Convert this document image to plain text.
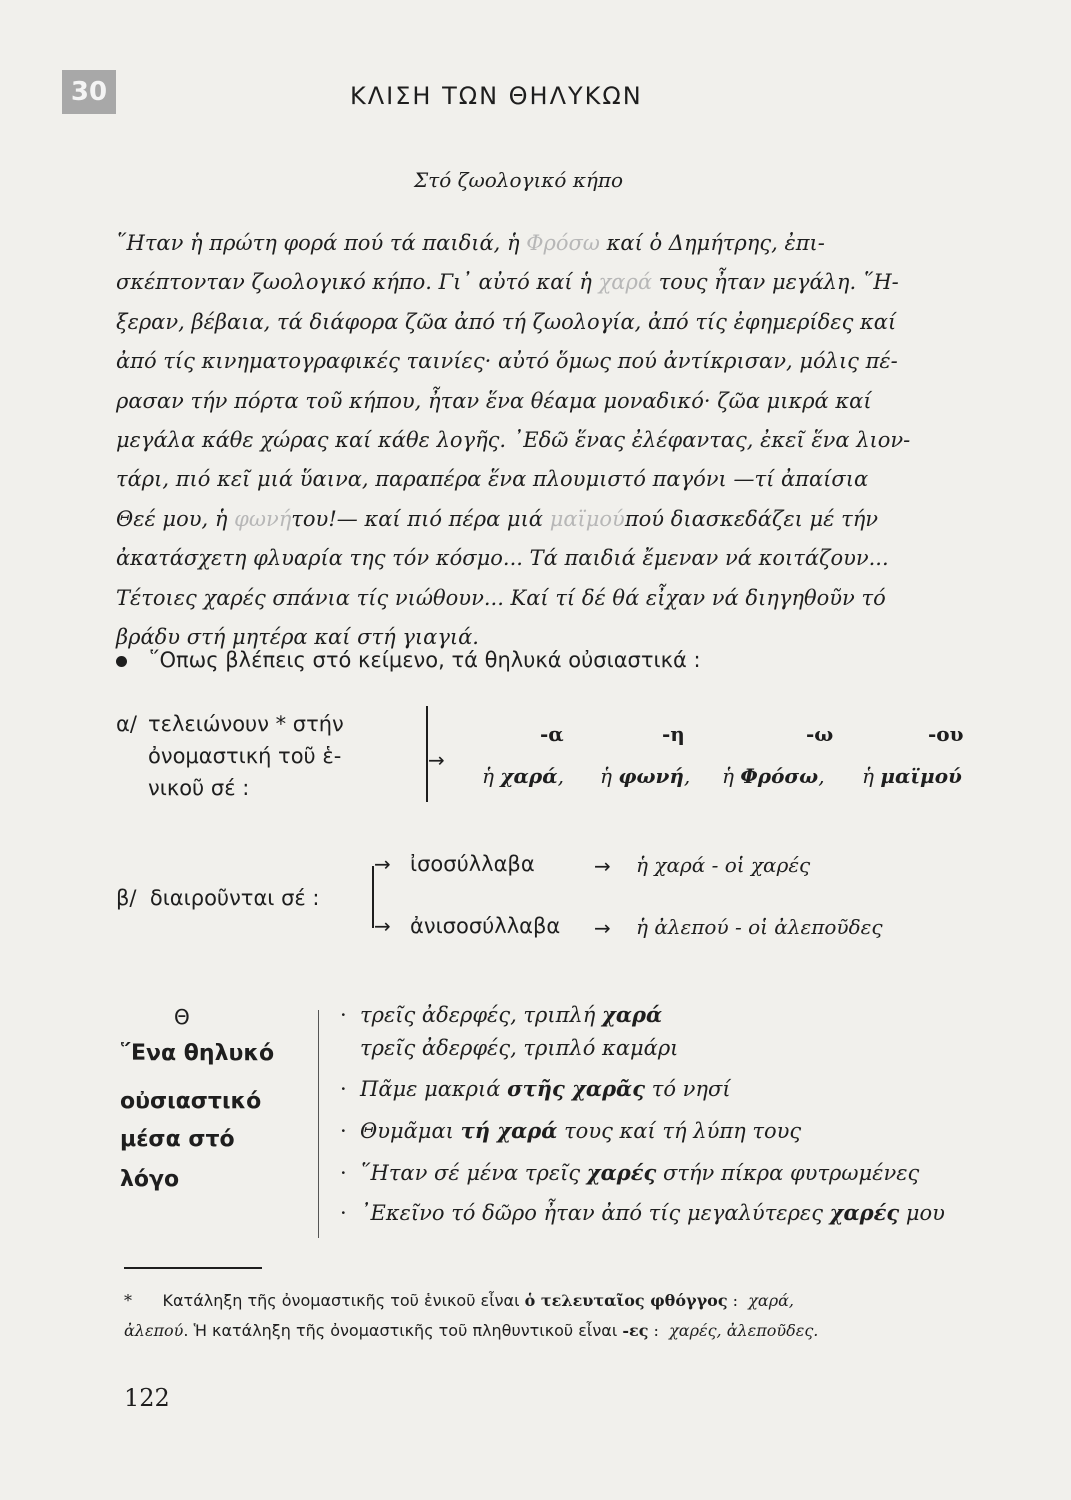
30	ΚΛΙΣΗ ΤΩΝ ΘΗΛΥΚΩΝ
Στό ζωολογικό κήπο
῞Ηταν ἡ πρώτη φορά πού τά παιδιά, ἡ Φρόσω καί ὁ Δημήτρης, ἐπι-
σκέπτονταν ζωολογικό κήπο. Γι᾿ αὐτό καί ἡ χαρά τους ἦταν μεγάλη. ῞Η-
ξεραν, βέβαια, τά διάφορα ζῶα ἀπό τή ζωολογία, ἀπό τίς ἐφημερίδες καί
ἀπό τίς κινηματογραφικές ταινίες· αὐτό ὅμως πού ἀντίκρισαν, μόλις πέ-
ρασαν τήν πόρτα τοῦ κήπου, ἦταν ἕνα θέαμα μοναδικό· ζῶα μικρά καί
μεγάλα κάθε χώρας καί κάθε λογῆς. ᾿Εδῶ ἕνας ἐλέφαντας, ἐκεῖ ἕνα λιον-
τάρι, πιό κεῖ μιά ὕαινα, παραπέρα ἕνα πλουμιστό παγόνι —τί ἀπαίσια
Θεέ μου, ἡ φωνήτου!— καί πιό πέρα μιά μαϊμούπού διασκεδάζει μέ τήν
ἀκατάσχετη φλυαρία της τόν κόσμο... Τά παιδιά ἔμεναν νά κοιτάζουν...
Τέτοιες χαρές σπάνια τίς νιώθουν... Καί τί δέ θά εἶχαν νά διηγηθοῦν τό
βράδυ στή μητέρα καί στή γιαγιά.
῞Οπως βλέπεις στό κείμενο, τά θηλυκά οὐσιαστικά :
α/ τελειώνουν * στήν
ὀνομαστική τοῦ ἑ-
νικοῦ σέ :
→
-α	-η	-ω	-ου
ἡ χαρά, ἡ φωνή, ἡ Φρόσω, ἡ μαϊμού
β/ διαιροῦνται σέ :
→
→
ἰσοσύλλαβα	→ ἡ χαρά - οἱ χαρές
ἀνισοσύλλαβα → ἡ ἀλεπού - οἱ ἀλεποῦδες
Θ
῞Ενα θηλυκό
οὐσιαστικό
μέσα στό
λόγο
· τρεῖς ἀδερφές, τριπλή χαρά
τρεῖς ἀδερφές, τριπλό καμάρι
· Πᾶμε μακριά στῆς χαρᾶς τό νησί
· Θυμᾶμαι τή χαρά τους καί τή λύπη τους
· ῞Ηταν σέ μένα τρεῖς χαρές στήν πίκρα φυτρωμένες
· ᾿Εκεῖνο τό δῶρο ἦταν ἀπό τίς μεγαλύτερες χαρές μου
* Κατάληξη τῆς ὀνομαστικῆς τοῦ ἑνικοῦ εἶναι ὁ τελευταῖος φθόγγος : χαρά,
ἀλεπού. Ἡ κατάληξη τῆς ὀνομαστικῆς τοῦ πληθυντικοῦ εἶναι -ες : χαρές, ἀλεποῦδες.
122
